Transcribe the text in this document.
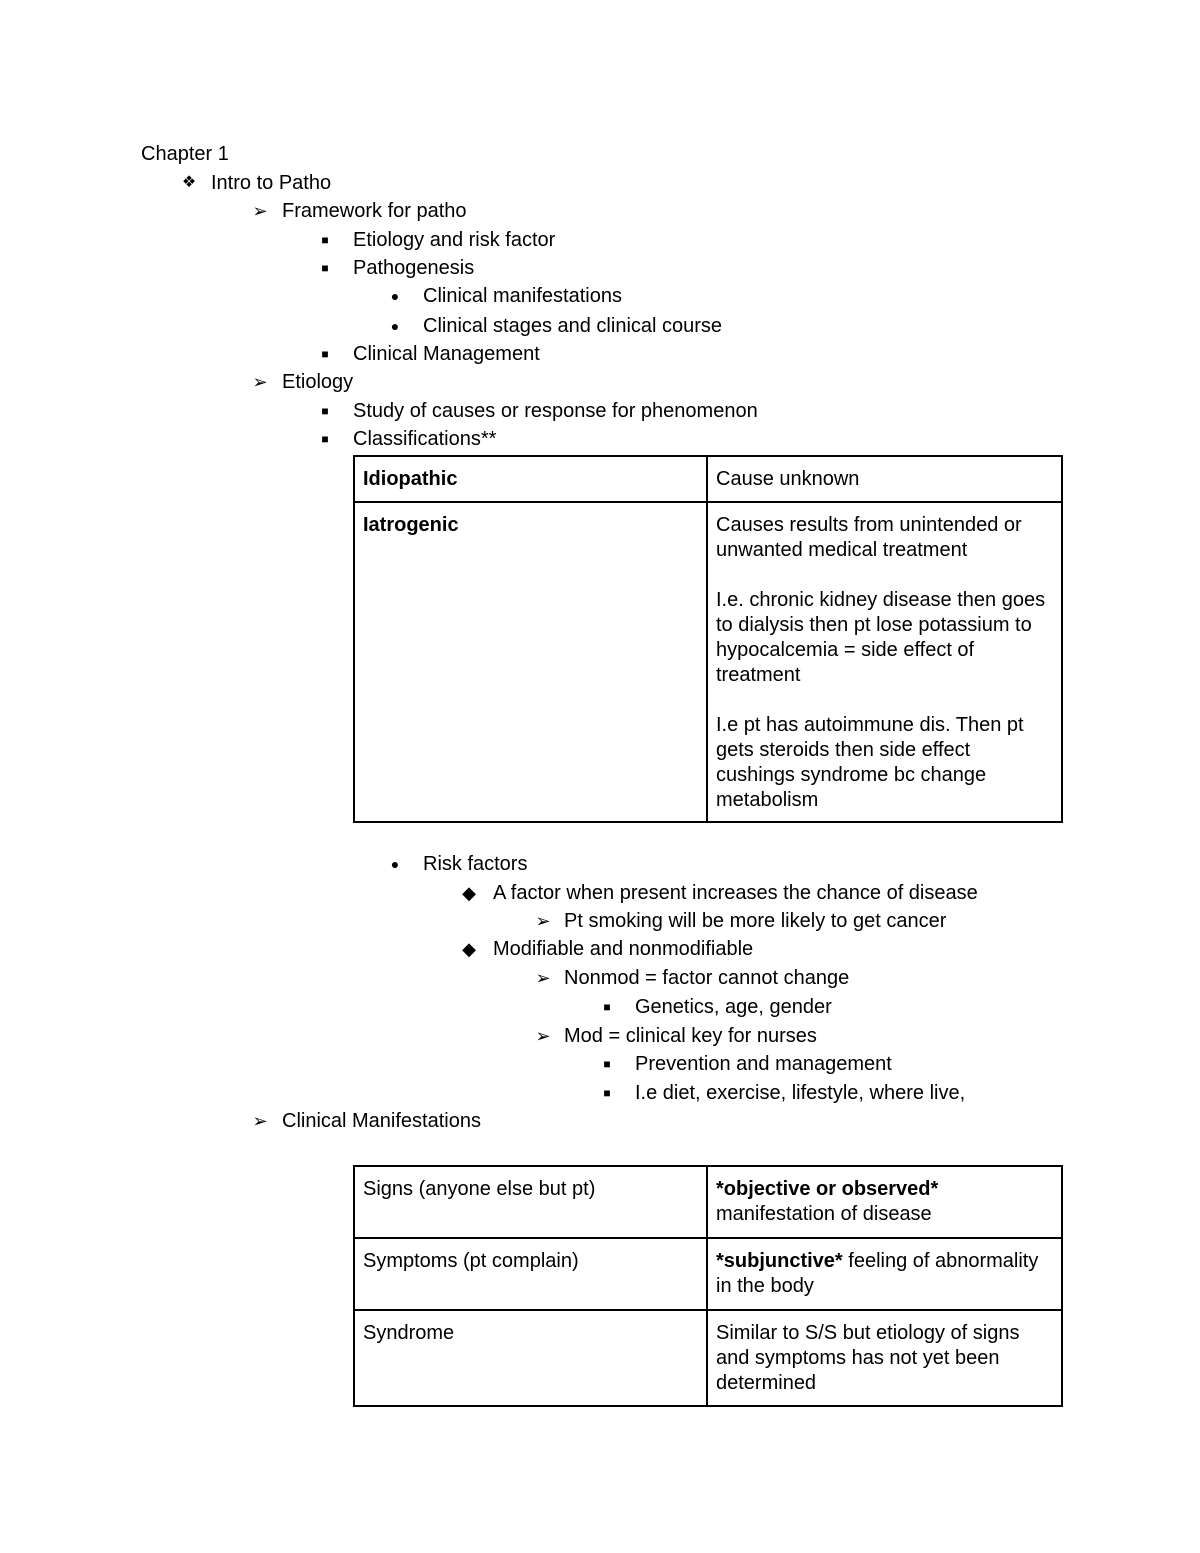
Chapter 1
❖ Intro to Patho
➢ Framework for patho
■	Etiology and risk factor
■	Pathogenesis
●	Clinical manifestations
●	Clinical stages and clinical course
■	Clinical Management
➢ Etiology
■	Study of causes or response for phenomenon
■	Classifications**
Idiopathic	Cause unknown

Iatrogenic	Causes results from unintended or unwanted medical treatment

I.e. chronic kidney disease then goes to dialysis then pt lose potassium to hypocalcemia = side effect of treatment

I.e pt has autoimmune dis. Then pt gets steroids then side effect cushings syndrome bc change metabolism

●	Risk factors
◆ A factor when present increases the chance of disease
➢ Pt smoking will be more likely to get cancer
◆ Modifiable and nonmodifiable
➢ Nonmod = factor cannot change
■	Genetics, age, gender
➢ Mod = clinical key for nurses
■	Prevention and management
■	I.e diet, exercise, lifestyle, where live,
➢ Clinical Manifestations
Signs (anyone else but pt)	*objective or observed* manifestation of disease
Symptoms (pt complain)	*subjunctive* feeling of abnormality in the body
Syndrome	Similar to S/S but etiology of signs and symptoms has not yet been determined
